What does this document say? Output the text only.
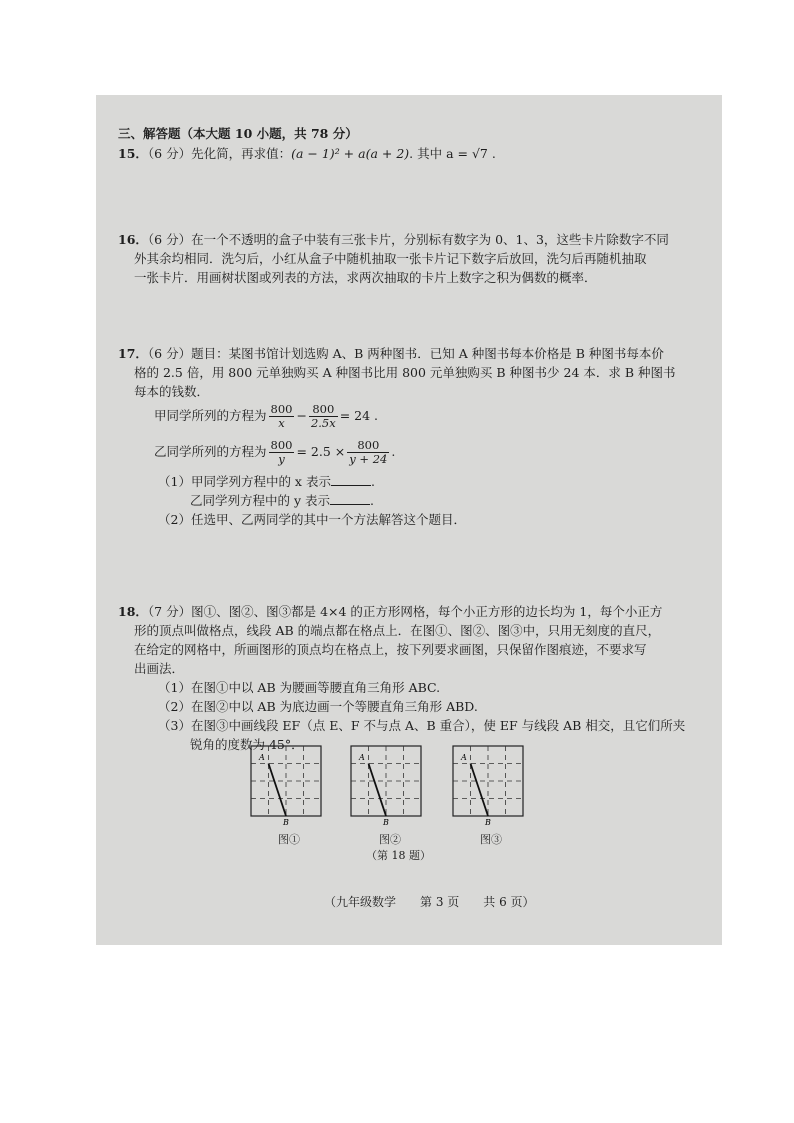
三、解答题（本大题 10 小题，共 78 分）
15．（6 分）先化简，再求值：(a − 1)² + a(a + 2). 其中 a = √7 .
16．（6 分）在一个不透明的盒子中装有三张卡片，分别标有数字为 0、1、3，这些卡片除数字不同
外其余均相同．洗匀后，小红从盒子中随机抽取一张卡片记下数字后放回，洗匀后再随机抽取
一张卡片．用画树状图或列表的方法，求两次抽取的卡片上数字之积为偶数的概率．
17．（6 分）题目：某图书馆计划选购 A、B 两种图书．已知 A 种图书每本价格是 B 种图书每本价
格的 2.5 倍，用 800 元单独购买 A 种图书比用 800 元单独购买 B 种图书少 24 本．求 B 种图书
每本的钱数．
甲同学所列的方程为 $\frac{800}{x} - \frac{800}{2.5x} = 24$ .
乙同学所列的方程为 $\frac{800}{y} = 2.5 \times \frac{800}{y + 24}$ .
（1）甲同学列方程中的 x 表示	.
乙同学列方程中的 y 表示	.
（2）任选甲、乙两同学的其中一个方法解答这个题目．
18．（7 分）图①、图②、图③都是 4×4 的正方形网格，每个小正方形的边长均为 1，每个小正方
形的顶点叫做格点，线段 AB 的端点都在格点上．在图①、图②、图③中，只用无刻度的直尺，
在给定的网格中，所画图形的顶点均在格点上，按下列要求画图，只保留作图痕迹，不要求写
出画法．
（1）在图①中以 AB 为腰画等腰直角三角形 ABC.
（2）在图②中以 AB 为底边画一个等腰直角三角形 ABD.
（3）在图③中画线段 EF（点 E、F 不与点 A、B 重合），使 EF 与线段 AB 相交，且它们所夹
锐角的度数为 45°．
A
B
图①
A
B
图②
A
B
图③
（第 18 题）
（九年级数学　　第 3 页　　共 6 页）
